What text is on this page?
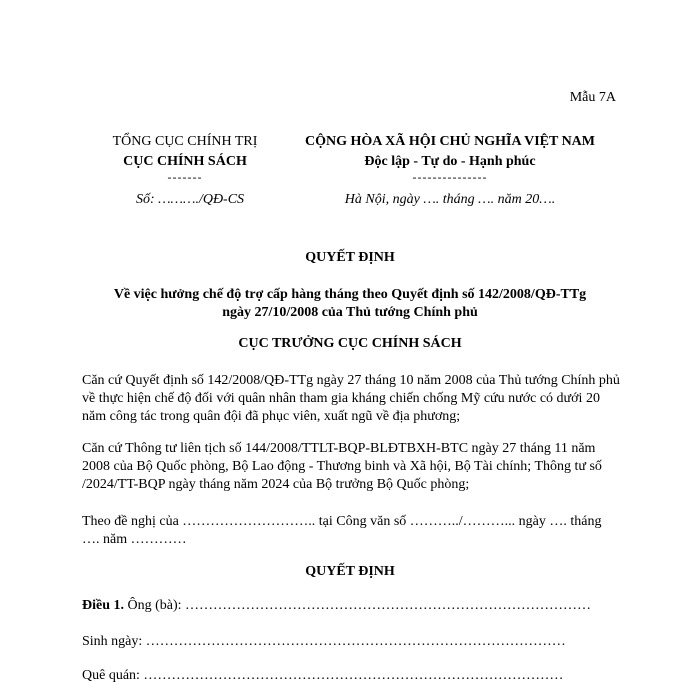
Mẫu 7A
TỔNG CỤC CHÍNH TRỊ
CỤC CHÍNH SÁCH
-------
CỘNG HÒA XÃ HỘI CHỦ NGHĨA VIỆT NAM
Độc lập - Tự do - Hạnh phúc
---------------
Số: ………./QĐ-CS	Hà Nội, ngày …. tháng …. năm 20….
QUYẾT ĐỊNH
Về việc hưởng chế độ trợ cấp hàng tháng theo Quyết định số 142/2008/QĐ-TTg
ngày 27/10/2008 của Thủ tướng Chính phủ
CỤC TRƯỞNG CỤC CHÍNH SÁCH
Căn cứ Quyết định số 142/2008/QĐ-TTg ngày 27 tháng 10 năm 2008 của Thủ tướng Chính phủ về thực hiện chế độ đối với quân nhân tham gia kháng chiến chống Mỹ cứu nước có dưới 20 năm công tác trong quân đội đã phục viên, xuất ngũ về địa phương;
Căn cứ Thông tư liên tịch số 144/2008/TTLT-BQP-BLĐTBXH-BTC ngày 27 tháng 11 năm 2008 của Bộ Quốc phòng, Bộ Lao động - Thương binh và Xã hội, Bộ Tài chính; Thông tư số /2024/TT-BQP ngày tháng năm 2024 của Bộ trưởng Bộ Quốc phòng;
Theo đề nghị của ……………………….. tại Công văn số ………../………... ngày …. tháng …. năm …………
QUYẾT ĐỊNH
Điều 1. Ông (bà): ……………………………………………………………………………
Sinh ngày: ………………………………………………………………………………
Quê quán: ………………………………………………………………………………
